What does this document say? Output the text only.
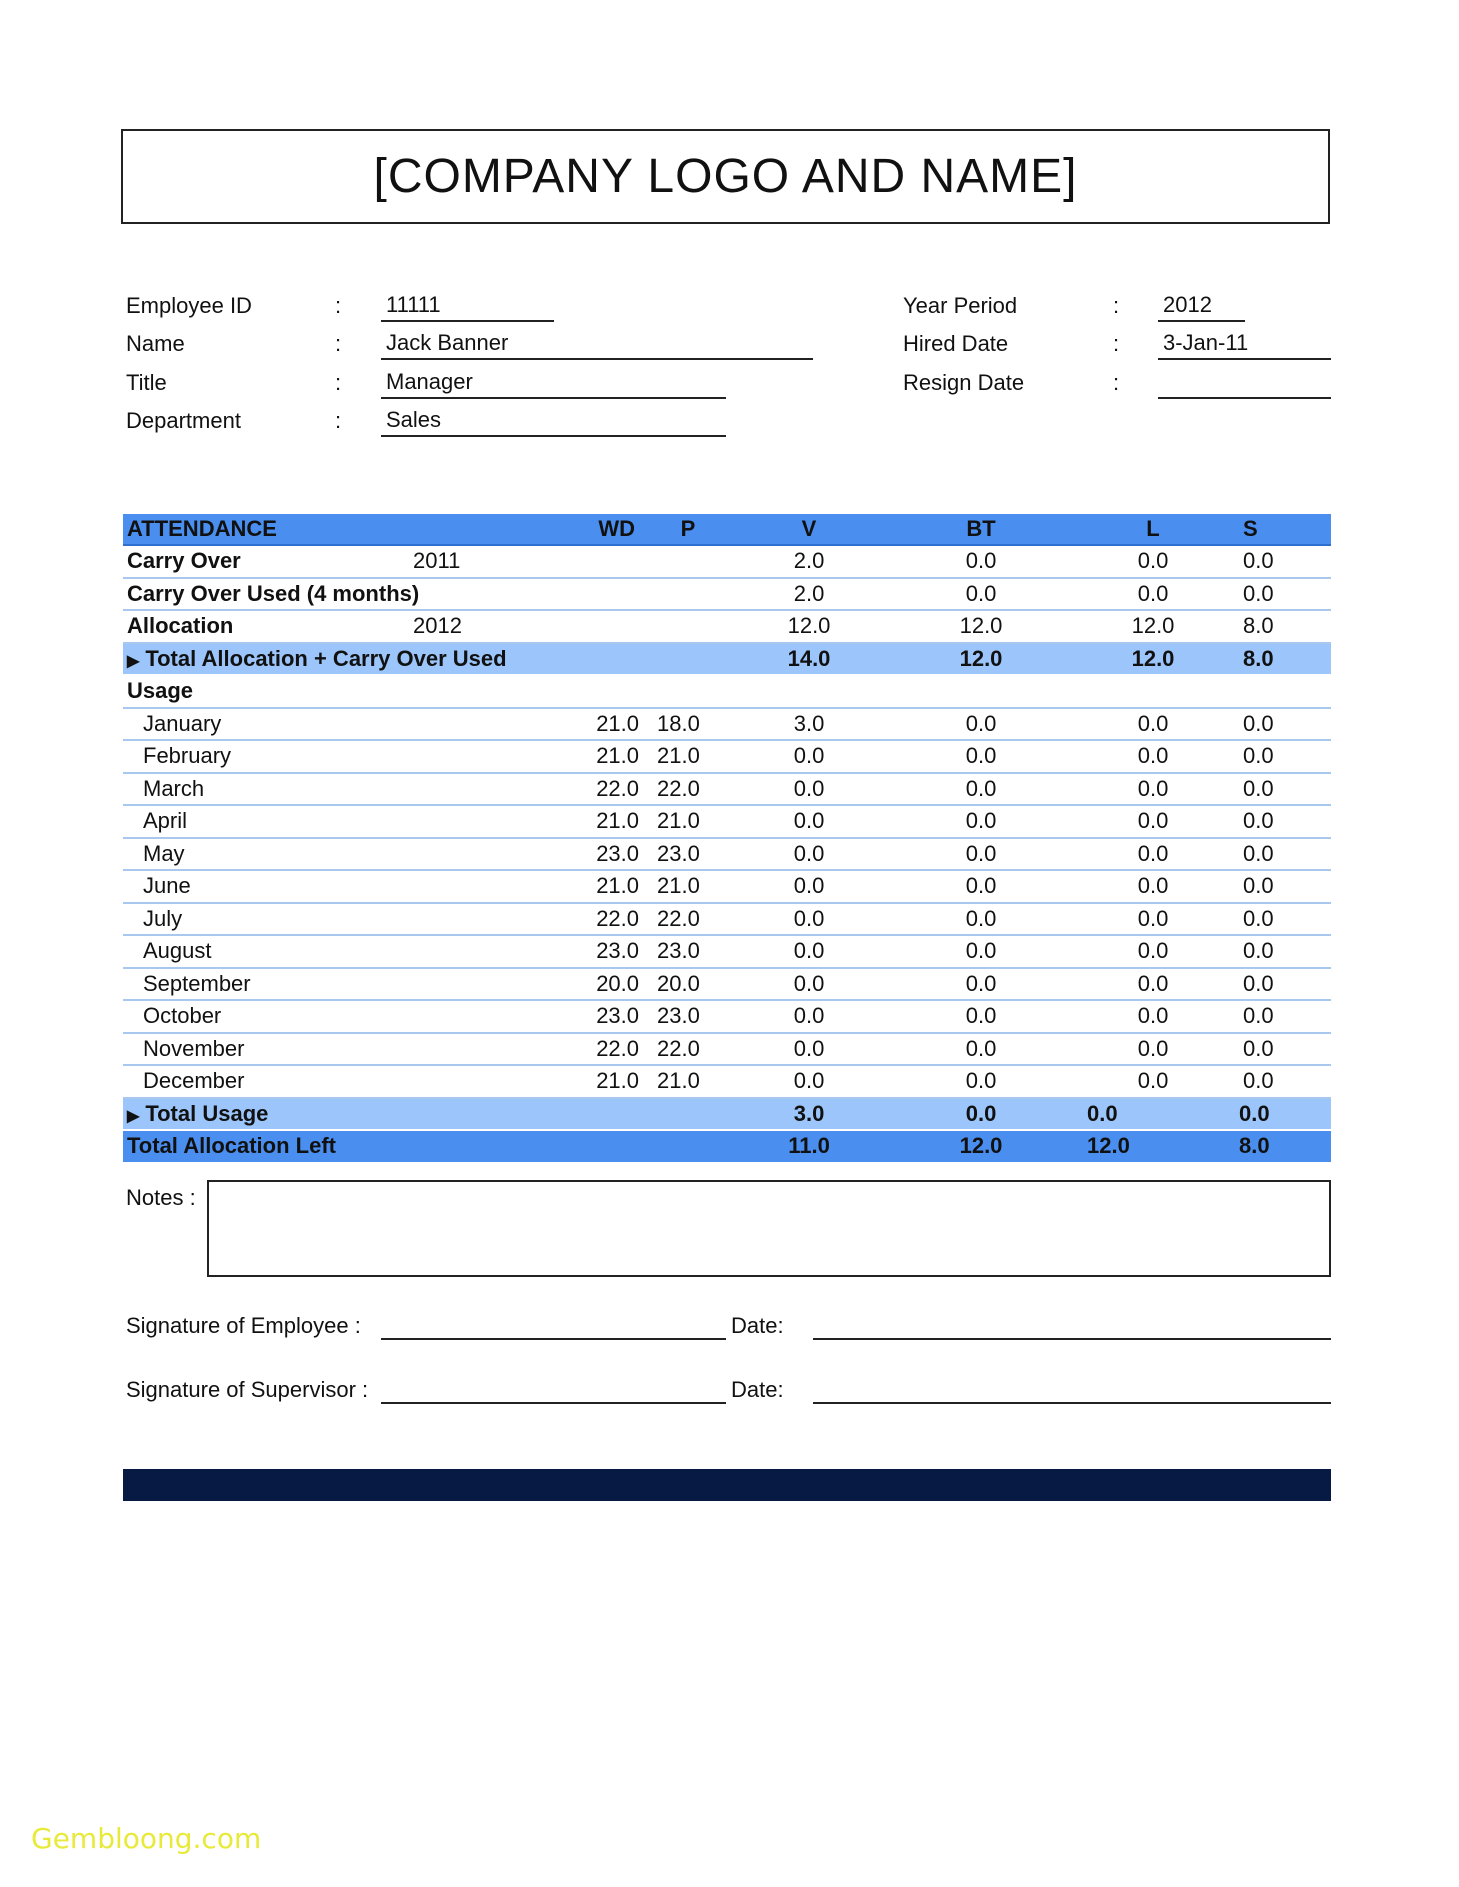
[COMPANY LOGO AND NAME]
Employee ID	: 11111
Name	: Jack Banner
Title	: Manager
Department	: Sales
Year Period	: 2012
Hired Date	: 3-Jan-11
Resign Date	:
ATTENDANCE		WD	P	V	BT	L	S
Carry Over	2011			2.0	0.0	0.0	0.0
Carry Over Used (4 months)				2.0	0.0	0.0	0.0
Allocation	2012			12.0	12.0	12.0	8.0
▶ Total Allocation + Carry Over Used				14.0	12.0	12.0	8.0
Usage							
January		21.0	18.0	3.0	0.0	0.0	0.0
February		21.0	21.0	0.0	0.0	0.0	0.0
March		22.0	22.0	0.0	0.0	0.0	0.0
April		21.0	21.0	0.0	0.0	0.0	0.0
May		23.0	23.0	0.0	0.0	0.0	0.0
June		21.0	21.0	0.0	0.0	0.0	0.0
July		22.0	22.0	0.0	0.0	0.0	0.0
August		23.0	23.0	0.0	0.0	0.0	0.0
September		20.0	20.0	0.0	0.0	0.0	0.0
October		23.0	23.0	0.0	0.0	0.0	0.0
November		22.0	22.0	0.0	0.0	0.0	0.0
December		21.0	21.0	0.0	0.0	0.0	0.0
▶ Total Usage				3.0	0.0	0.0	0.0
Total Allocation Left				11.0	12.0	12.0	8.0
Notes :
Signature of Employee :	Date:
Signature of Supervisor :	Date:
Gembloong.com
